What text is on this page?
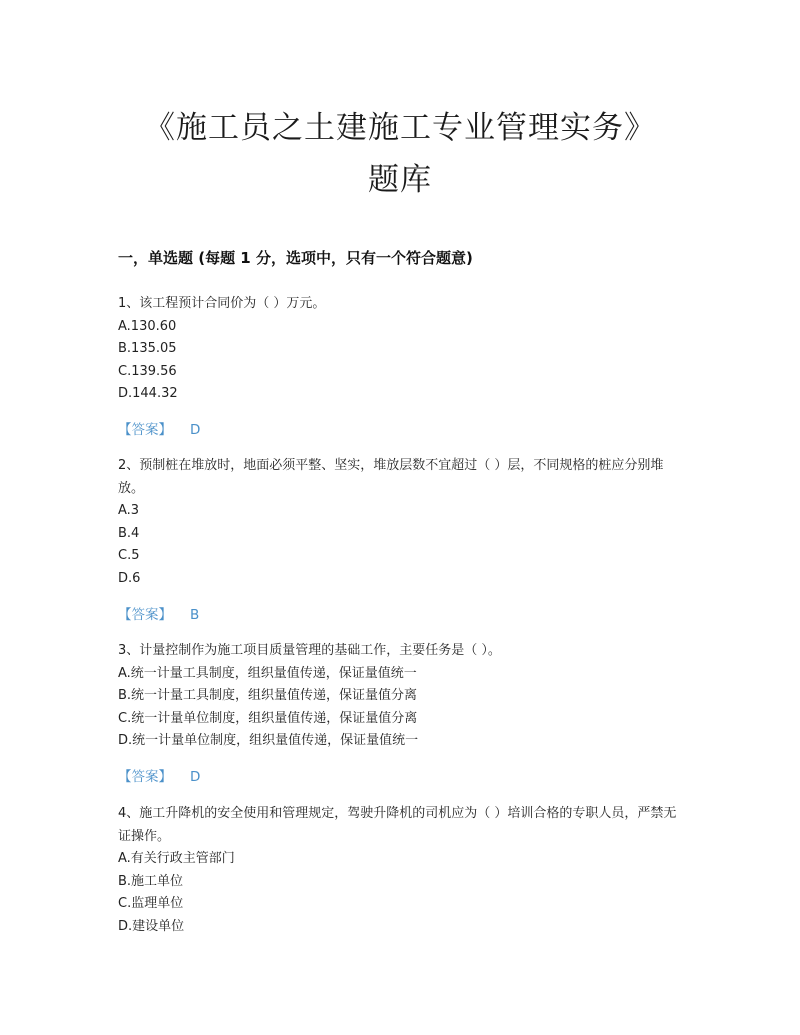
《施工员之土建施工专业管理实务》
题库
一，单选题 (每题 1 分，选项中，只有一个符合题意)

1、该工程预计合同价为（ ）万元。

A.130.60

B.135.05

C.139.56

D.144.32

【答案】 D

2、预制桩在堆放时，地面必须平整、坚实，堆放层数不宜超过（ ）层，不同规格的桩应分别堆放。

A.3

B.4

C.5

D.6

【答案】 B

3、计量控制作为施工项目质量管理的基础工作，主要任务是（ ）。

A.统一计量工具制度，组织量值传递，保证量值统一

B.统一计量工具制度，组织量值传递，保证量值分离

C.统一计量单位制度，组织量值传递，保证量值分离

D.统一计量单位制度，组织量值传递，保证量值统一

【答案】 D

4、施工升降机的安全使用和管理规定，驾驶升降机的司机应为（ ）培训合格的专职人员，严禁无证操作。

A.有关行政主管部门

B.施工单位

C.监理单位

D.建设单位
